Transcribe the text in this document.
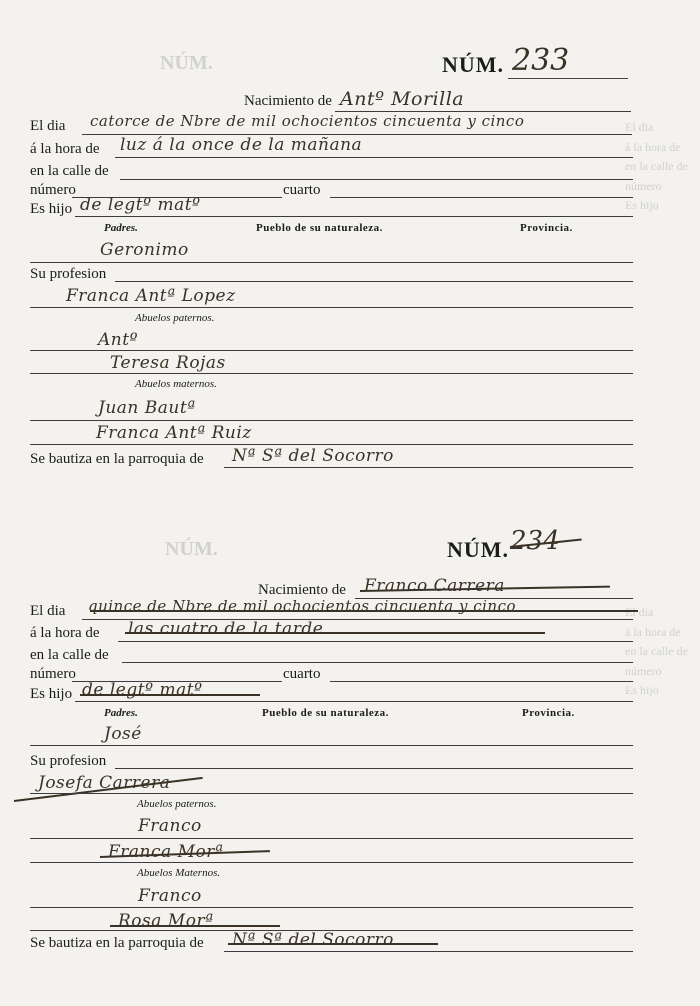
NÚM.
NÚM.
El dia
á la hora de
en la calle de
número
Es hijo
El dia
á la hora de
en la calle de
número
Es hijo
NÚM. 233
Nacimiento de Antº Morilla
El dia catorce de Nbre de mil ochocientos cincuenta y cinco
á la hora de luz á la once de la mañana
en la calle de
número	cuarto
Es hijo de legtº matº
Padres.	Pueblo de su naturaleza.	Provincia.
Geronimo
Su profesion
Franca Antª Lopez
Abuelos paternos.
Antº
Teresa Rojas
Abuelos maternos.
Juan Bautª
Franca Antª Ruiz
Se bautiza en la parroquia de Nª Sª del Socorro
NÚM. 234
Nacimiento de Franco Carrera
El dia quince de Nbre de mil ochocientos cincuenta y cinco
á la hora de las cuatro de la tarde
en la calle de
número	cuarto
Es hijo de legtº matº
Padres.	Pueblo de su naturaleza.	Provincia.
José
Su profesion
Josefa Carrera
Abuelos paternos.
Franco
Franca Morª
Abuelos Maternos.
Franco
Rosa Morª
Se bautiza en la parroquia de Nª Sª del Socorro
